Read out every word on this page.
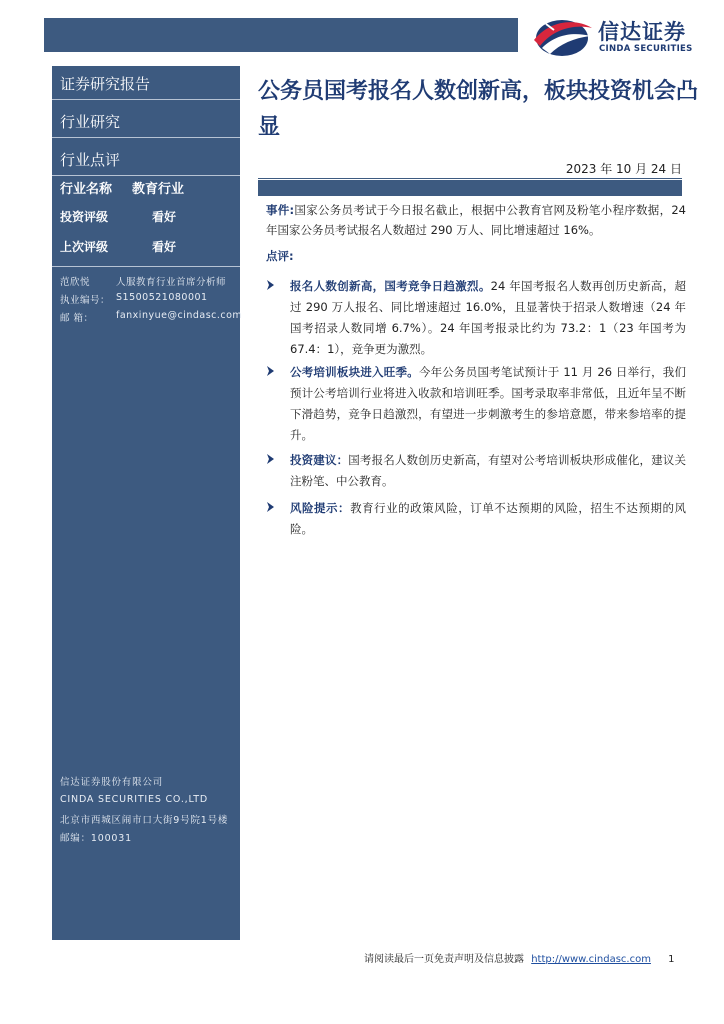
信达证券
CINDA SECURITIES
证券研究报告
行业研究
行业点评
行业名称 教育行业
投资评级	看好
上次评级	看好
范欣悦	人服教育行业首席分析师
执业编号： S1500521080001
邮 箱： fanxinyue@cindasc.com
信达证券股份有限公司
CINDA SECURITIES CO.,LTD
北京市西城区闹市口大街9号院1号楼
邮编：100031
公务员国考报名人数创新高，板块投资机会凸显
2023 年 10 月 24 日
事件:国家公务员考试于今日报名截止，根据中公教育官网及粉笔小程序数据，24 年国家公务员考试报名人数超过 290 万人、同比增速超过 16%。
点评:
报名人数创新高，国考竞争日趋激烈。24 年国考报名人数再创历史新高，超过 290 万人报名、同比增速超过 16.0%，且显著快于招录人数增速（24 年国考招录人数同增 6.7%）。24 年国考报录比约为 73.2：1（23 年国考为 67.4：1），竞争更为激烈。
公考培训板块进入旺季。今年公务员国考笔试预计于 11 月 26 日举行，我们预计公考培训行业将进入收款和培训旺季。国考录取率非常低，且近年呈不断下滑趋势，竞争日趋激烈，有望进一步刺激考生的参培意愿，带来参培率的提升。
投资建议：国考报名人数创历史新高，有望对公考培训板块形成催化，建议关注粉笔、中公教育。
风险提示：教育行业的政策风险，订单不达预期的风险，招生不达预期的风险。
请阅读最后一页免责声明及信息披露 http://www.cindasc.com 1
